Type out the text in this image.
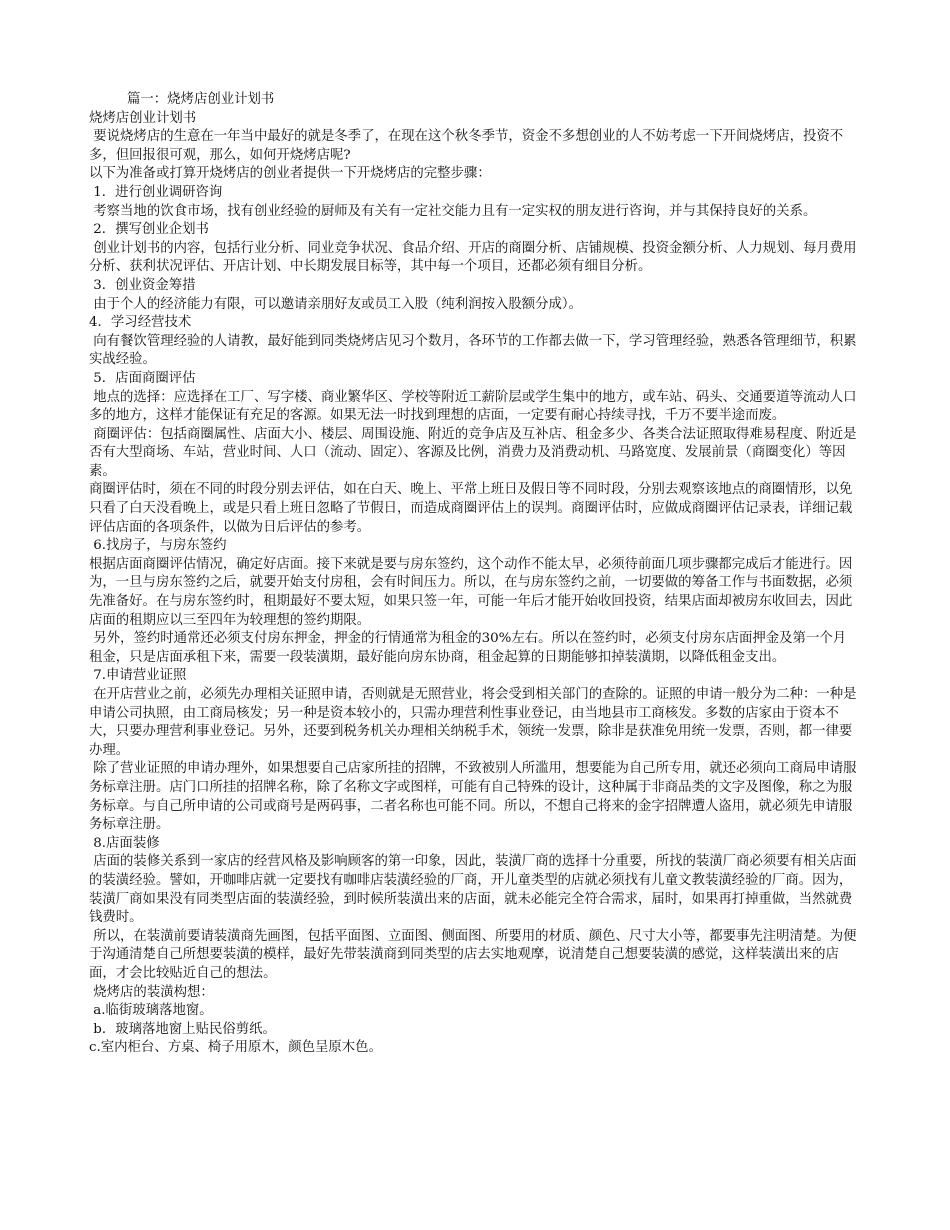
篇一：烧烤店创业计划书
烧烤店创业计划书
要说烧烤店的生意在一年当中最好的就是冬季了，在现在这个秋冬季节，资金不多想创业的人不妨考虑一下开间烧烤店，投资不多，但回报很可观，那么，如何开烧烤店呢?
以下为准备或打算开烧烤店的创业者提供一下开烧烤店的完整步骤：
1．进行创业调研咨询
考察当地的饮食市场，找有创业经验的厨师及有关有一定社交能力且有一定实权的朋友进行咨询，并与其保持良好的关系。
2．撰写创业企划书
创业计划书的内容，包括行业分析、同业竞争状况、食品介绍、开店的商圈分析、店铺规模、投资金额分析、人力规划、每月费用分析、获利状况评估、开店计划、中长期发展目标等，其中每一个项目，还都必须有细目分析。
3．创业资金筹措
由于个人的经济能力有限，可以邀请亲朋好友或员工入股（纯利润按入股额分成）。
4．学习经营技术
向有餐饮管理经验的人请教，最好能到同类烧烤店见习个数月，各环节的工作都去做一下，学习管理经验，熟悉各管理细节，积累实战经验。
5．店面商圈评估
地点的选择：应选择在工厂、写字楼、商业繁华区、学校等附近工薪阶层或学生集中的地方，或车站、码头、交通要道等流动人口多的地方，这样才能保证有充足的客源。如果无法一时找到理想的店面，一定要有耐心持续寻找，千万不要半途而废。
商圈评估：包括商圈属性、店面大小、楼层、周围设施、附近的竞争店及互补店、租金多少、各类合法证照取得难易程度、附近是否有大型商场、车站，营业时间、人口（流动、固定）、客源及比例，消费力及消费动机、马路宽度、发展前景（商圈变化）等因素。
商圈评估时，须在不同的时段分别去评估，如在白天、晚上、平常上班日及假日等不同时段，分别去观察该地点的商圈情形，以免只看了白天没看晚上，或是只看上班日忽略了节假日，而造成商圈评估上的误判。商圈评估时，应做成商圈评估记录表，详细记载评估店面的各项条件，以做为日后评估的参考。
6.找房子，与房东签约
根据店面商圈评估情况，确定好店面。接下来就是要与房东签约，这个动作不能太早，必须待前面几项步骤都完成后才能进行。因为，一旦与房东签约之后，就要开始支付房租，会有时间压力。所以，在与房东签约之前，一切要做的筹备工作与书面数据，必须先准备好。在与房东签约时，租期最好不要太短，如果只签一年，可能一年后才能开始收回投资，结果店面却被房东收回去，因此店面的租期应以三至四年为较理想的签约期限。
另外，签约时通常还必须支付房东押金，押金的行情通常为租金的30%左右。所以在签约时，必须支付房东店面押金及第一个月租金，只是店面承租下来，需要一段装潢期，最好能向房东协商，租金起算的日期能够扣掉装潢期，以降低租金支出。
7.申请营业证照
在开店营业之前，必须先办理相关证照申请，否则就是无照营业，将会受到相关部门的查除的。证照的申请一般分为二种：一种是申请公司执照，由工商局核发；另一种是资本较小的，只需办理营利性事业登记，由当地县市工商核发。多数的店家由于资本不大，只要办理营利事业登记。另外，还要到税务机关办理相关纳税手术，领统一发票，除非是获准免用统一发票，否则，都一律要办理。
除了营业证照的申请办理外，如果想要自己店家所挂的招牌，不致被别人所滥用，想要能为自己所专用，就还必须向工商局申请服务标章注册。店门口所挂的招牌名称，除了名称文字或图样，可能有自己特殊的设计，这种属于非商品类的文字及图像，称之为服务标章。与自己所申请的公司或商号是两码事，二者名称也可能不同。所以，不想自己将来的金字招牌遭人盗用，就必须先申请服务标章注册。
8.店面装修
店面的装修关系到一家店的经营风格及影响顾客的第一印象，因此，装潢厂商的选择十分重要，所找的装潢厂商必须要有相关店面的装潢经验。譬如，开咖啡店就一定要找有咖啡店装潢经验的厂商，开儿童类型的店就必须找有儿童文教装潢经验的厂商。因为，装潢厂商如果没有同类型店面的装潢经验，到时候所装潢出来的店面，就未必能完全符合需求，届时，如果再打掉重做，当然就费钱费时。
所以，在装潢前要请装潢商先画图，包括平面图、立面图、侧面图、所要用的材质、颜色、尺寸大小等，都要事先注明清楚。为便于沟通清楚自己所想要装潢的模样，最好先带装潢商到同类型的店去实地观摩，说清楚自己想要装潢的感觉，这样装潢出来的店面，才会比较贴近自己的想法。
烧烤店的装潢构想：
a.临街玻璃落地窗。
b．玻璃落地窗上贴民俗剪纸。
c.室内柜台、方桌、椅子用原木，颜色呈原木色。
